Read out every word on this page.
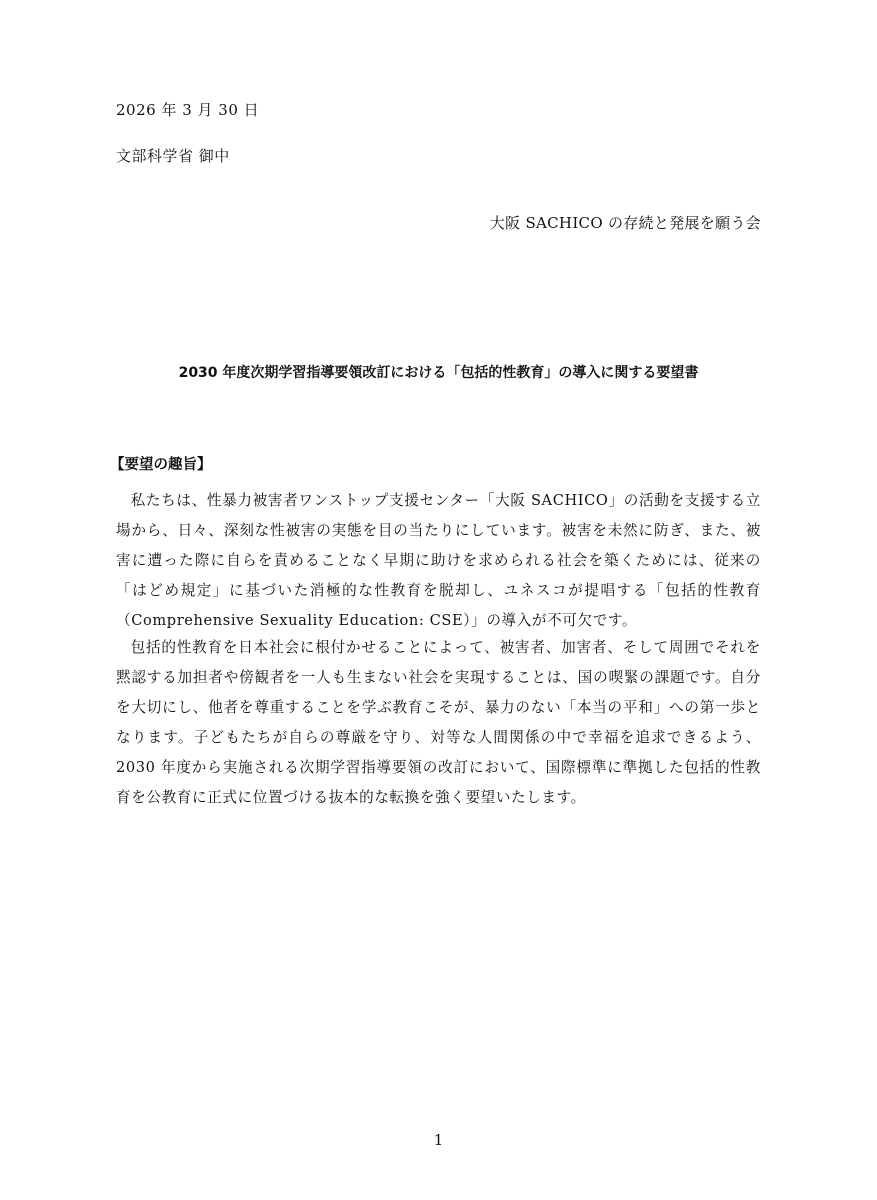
2026 年 3 月 30 日
文部科学省 御中
大阪 SACHICO の存続と発展を願う会
2030 年度次期学習指導要領改訂における「包括的性教育」の導入に関する要望書
【要望の趣旨】

私たちは、性暴力被害者ワンストップ支援センター「大阪 SACHICO」の活動を支援する立場から、日々、深刻な性被害の実態を目の当たりにしています。被害を未然に防ぎ、また、被害に遭った際に自らを責めることなく早期に助けを求められる社会を築くためには、従来の「はどめ規定」に基づいた消極的な性教育を脱却し、ユネスコが提唱する「包括的性教育（Comprehensive Sexuality Education: CSE）」の導入が不可欠です。

包括的性教育を日本社会に根付かせることによって、被害者、加害者、そして周囲でそれを黙認する加担者や傍観者を一人も生まない社会を実現することは、国の喫緊の課題です。自分を大切にし、他者を尊重することを学ぶ教育こそが、暴力のない「本当の平和」への第一歩となります。子どもたちが自らの尊厳を守り、対等な人間関係の中で幸福を追求できるよう、2030 年度から実施される次期学習指導要領の改訂において、国際標準に準拠した包括的性教育を公教育に正式に位置づける抜本的な転換を強く要望いたします。

1
